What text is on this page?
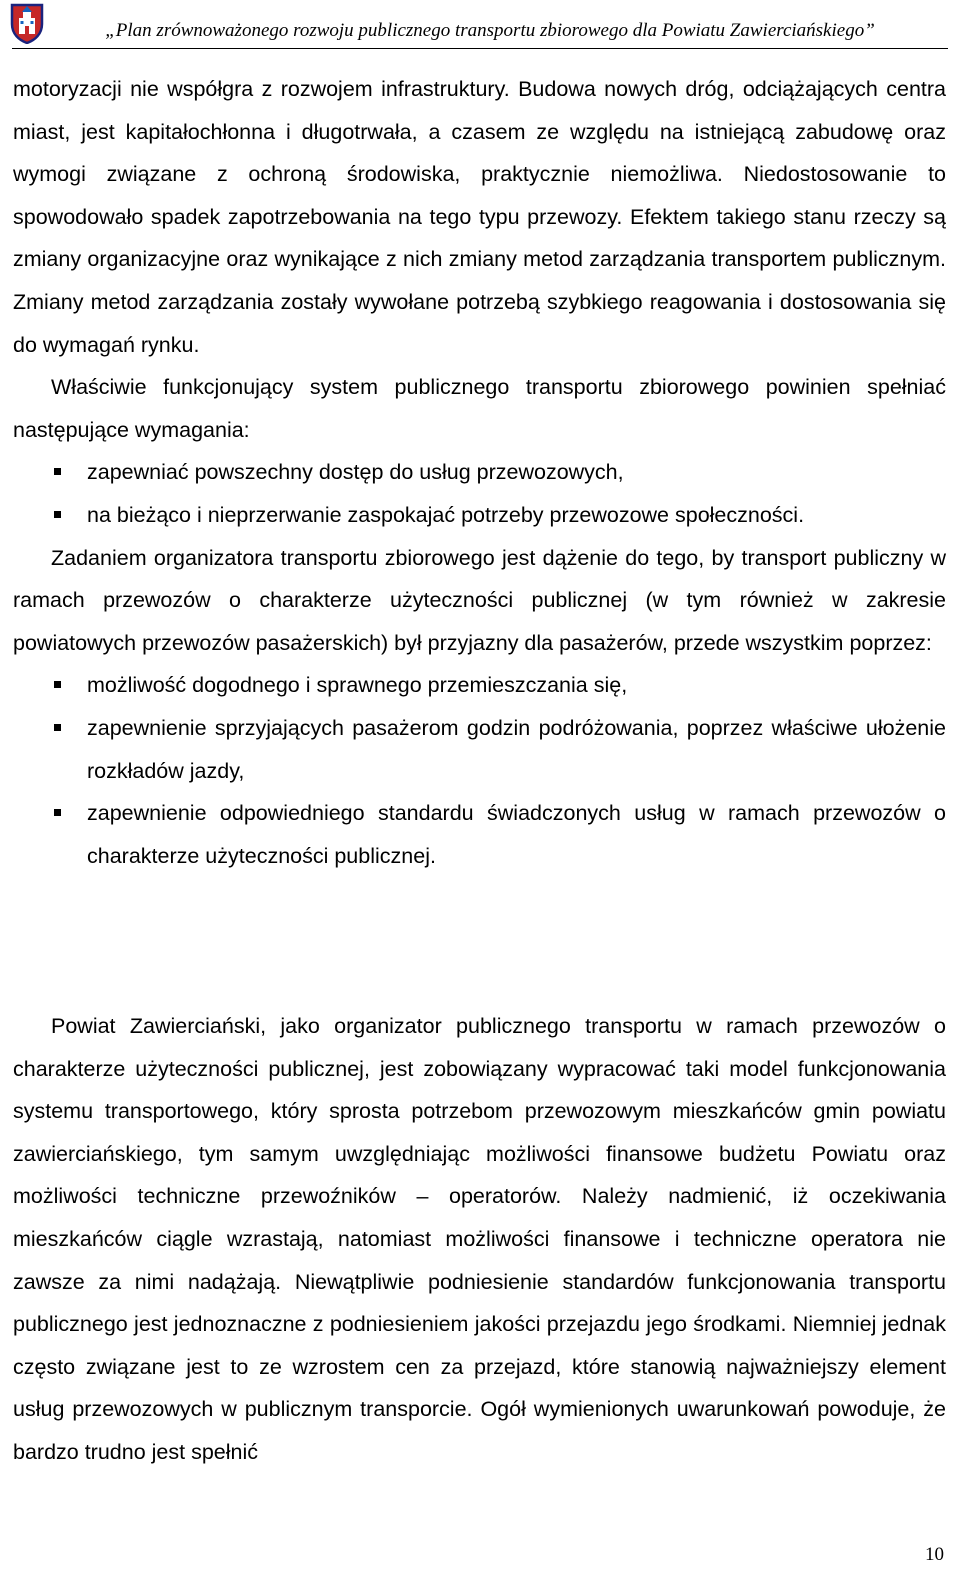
„Plan zrównoważonego rozwoju publicznego transportu zbiorowego dla Powiatu Zawierciańskiego”

motoryzacji nie współgra z rozwojem infrastruktury. Budowa nowych dróg, odciążających centra miast, jest kapitałochłonna i długotrwała, a czasem ze względu na istniejącą zabudowę oraz wymogi związane z ochroną środowiska, praktycznie niemożliwa. Niedostosowanie to spowodowało spadek zapotrzebowania na tego typu przewozy. Efektem takiego stanu rzeczy są zmiany organizacyjne oraz wynikające z nich zmiany metod zarządzania transportem publicznym. Zmiany metod zarządzania zostały wywołane potrzebą szybkiego reagowania i dostosowania się do wymagań rynku.

Właściwie funkcjonujący system publicznego transportu zbiorowego powinien spełniać następujące wymagania:

zapewniać powszechny dostęp do usług przewozowych,
na bieżąco i nieprzerwanie zaspokajać potrzeby przewozowe społeczności.

Zadaniem organizatora transportu zbiorowego jest dążenie do tego, by transport publiczny w ramach przewozów o charakterze użyteczności publicznej (w tym również w zakresie powiatowych przewozów pasażerskich) był przyjazny dla pasażerów, przede wszystkim poprzez:

możliwość dogodnego i sprawnego przemieszczania się,
zapewnienie sprzyjających pasażerom godzin podróżowania, poprzez właściwe ułożenie rozkładów jazdy,
zapewnienie odpowiedniego standardu świadczonych usług w ramach przewozów o charakterze użyteczności publicznej.

Powiat Zawierciański, jako organizator publicznego transportu w ramach przewozów o charakterze użyteczności publicznej, jest zobowiązany wypracować taki model funkcjonowania systemu transportowego, który sprosta potrzebom przewozowym mieszkańców gmin powiatu zawierciańskiego, tym samym uwzględniając możliwości finansowe budżetu Powiatu oraz możliwości techniczne przewoźników – operatorów. Należy nadmienić, iż oczekiwania mieszkańców ciągle wzrastają, natomiast możliwości finansowe i techniczne operatora nie zawsze za nimi nadążają. Niewątpliwie podniesienie standardów funkcjonowania transportu publicznego jest jednoznaczne z podniesieniem jakości przejazdu jego środkami. Niemniej jednak często związane jest to ze wzrostem cen za przejazd, które stanowią najważniejszy element usług przewozowych w publicznym transporcie. Ogół wymienionych uwarunkowań powoduje, że bardzo trudno jest spełnić

10
